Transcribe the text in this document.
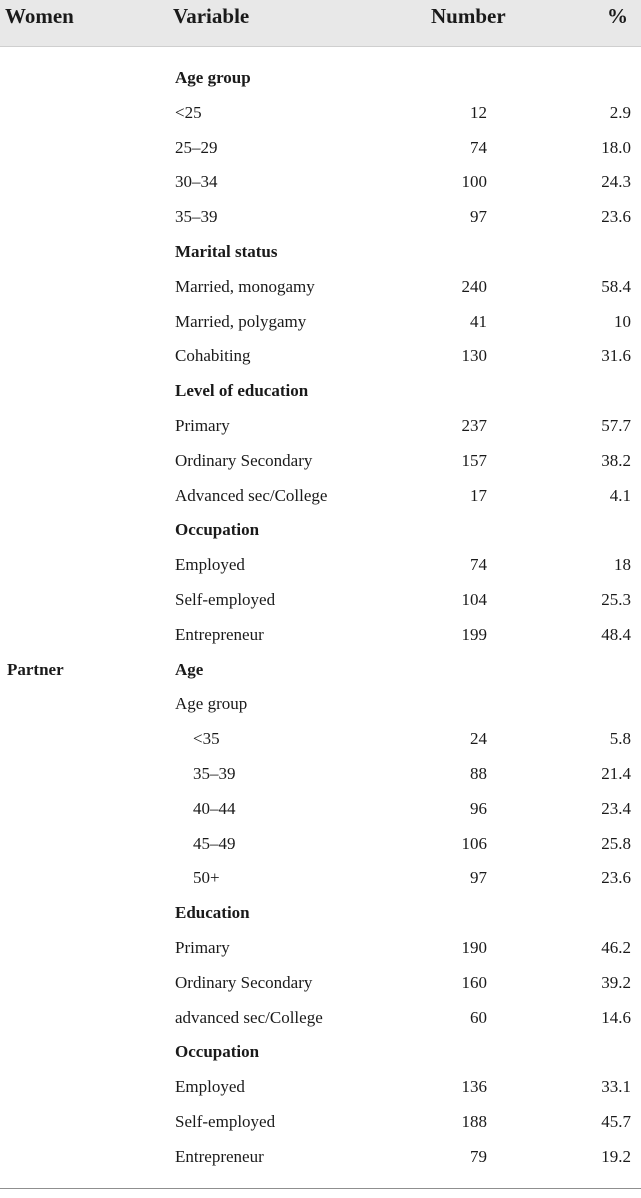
Women	Variable	Number	%
Age group
<25	12	2.9
25–29	74	18.0
30–34	100	24.3
35–39	97	23.6
Marital status
Married, monogamy	240	58.4
Married, polygamy	41	10
Cohabiting	130	31.6
Level of education
Primary	237	57.7
Ordinary Secondary	157	38.2
Advanced sec/College	17	4.1
Occupation
Employed	74	18
Self-employed	104	25.3
Entrepreneur	199	48.4
Partner	Age
Age group
<35	24	5.8
35–39	88	21.4
40–44	96	23.4
45–49	106	25.8
50+	97	23.6
Education
Primary	190	46.2
Ordinary Secondary	160	39.2
advanced sec/College	60	14.6
Occupation
Employed	136	33.1
Self-employed	188	45.7
Entrepreneur	79	19.2
